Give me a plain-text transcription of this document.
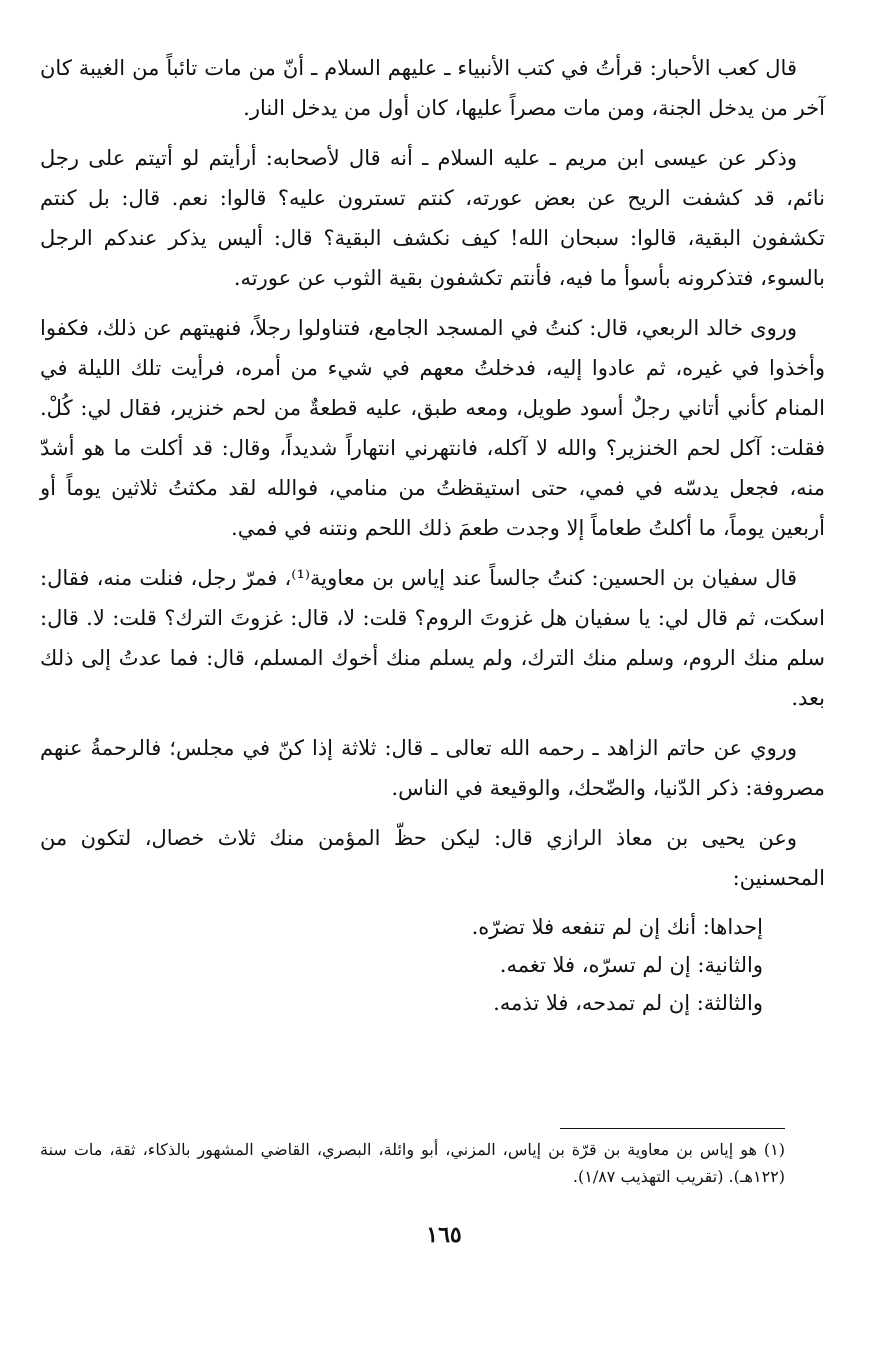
قال كعب الأحبار: قرأتُ في كتب الأنبياء ـ عليهم السلام ـ أنّ من مات تائباً من الغيبة كان آخر من يدخل الجنة، ومن مات مصراً عليها، كان أول من يدخل النار.

وذكر عن عيسى ابن مريم ـ عليه السلام ـ أنه قال لأصحابه: أرأيتم لو أتيتم على رجل نائم، قد كشفت الريح عن بعض عورته، كنتم تسترون عليه؟ قالوا: نعم. قال: بل كنتم تكشفون البقية، قالوا: سبحان الله! كيف نكشف البقية؟ قال: أليس يذكر عندكم الرجل بالسوء، فتذكرونه بأسوأ ما فيه، فأنتم تكشفون بقية الثوب عن عورته.

وروى خالد الربعي، قال: كنتُ في المسجد الجامع، فتناولوا رجلاً، فنهيتهم عن ذلك، فكفوا وأخذوا في غيره، ثم عادوا إليه، فدخلتُ معهم في شيء من أمره، فرأيت تلك الليلة في المنام كأني أتاني رجلٌ أسود طويل، ومعه طبق، عليه قطعةٌ من لحم خنزير، فقال لي: كُلْ. فقلت: آكل لحم الخنزير؟ والله لا آكله، فانتهرني انتهاراً شديداً، وقال: قد أكلت ما هو أشدّ منه، فجعل يدسّه في فمي، حتى استيقظتُ من منامي، فوالله لقد مكثتُ ثلاثين يوماً أو أربعين يوماً، ما أكلتُ طعاماً إلا وجدت طعمَ ذلك اللحم ونتنه في فمي.

قال سفيان بن الحسين: كنتُ جالساً عند إياس بن معاوية⁽¹⁾، فمرّ رجل، فنلت منه، فقال: اسكت، ثم قال لي: يا سفيان هل غزوتَ الروم؟ قلت: لا، قال: غزوتَ الترك؟ قلت: لا. قال: سلم منك الروم، وسلم منك الترك، ولم يسلم منك أخوك المسلم، قال: فما عدتُ إلى ذلك بعد.

وروي عن حاتم الزاهد ـ رحمه الله تعالى ـ قال: ثلاثة إذا كنّ في مجلس؛ فالرحمةُ عنهم مصروفة: ذكر الدّنيا، والضّحك، والوقيعة في الناس.

وعن يحيى بن معاذ الرازي قال: ليكن حظّ المؤمن منك ثلاث خصال، لتكون من المحسنين:

إحداها: أنك إن لم تنفعه فلا تضرّه.

والثانية: إن لم تسرّه، فلا تغمه.

والثالثة: إن لم تمدحه، فلا تذمه.

(١) هو إياس بن معاوية بن قرّة بن إياس، المزني، أبو وائلة، البصري، القاضي المشهور بالذكاء، ثقة، مات سنة (١٢٢هـ). (تقريب التهذيب ١/٨٧).

١٦٥
